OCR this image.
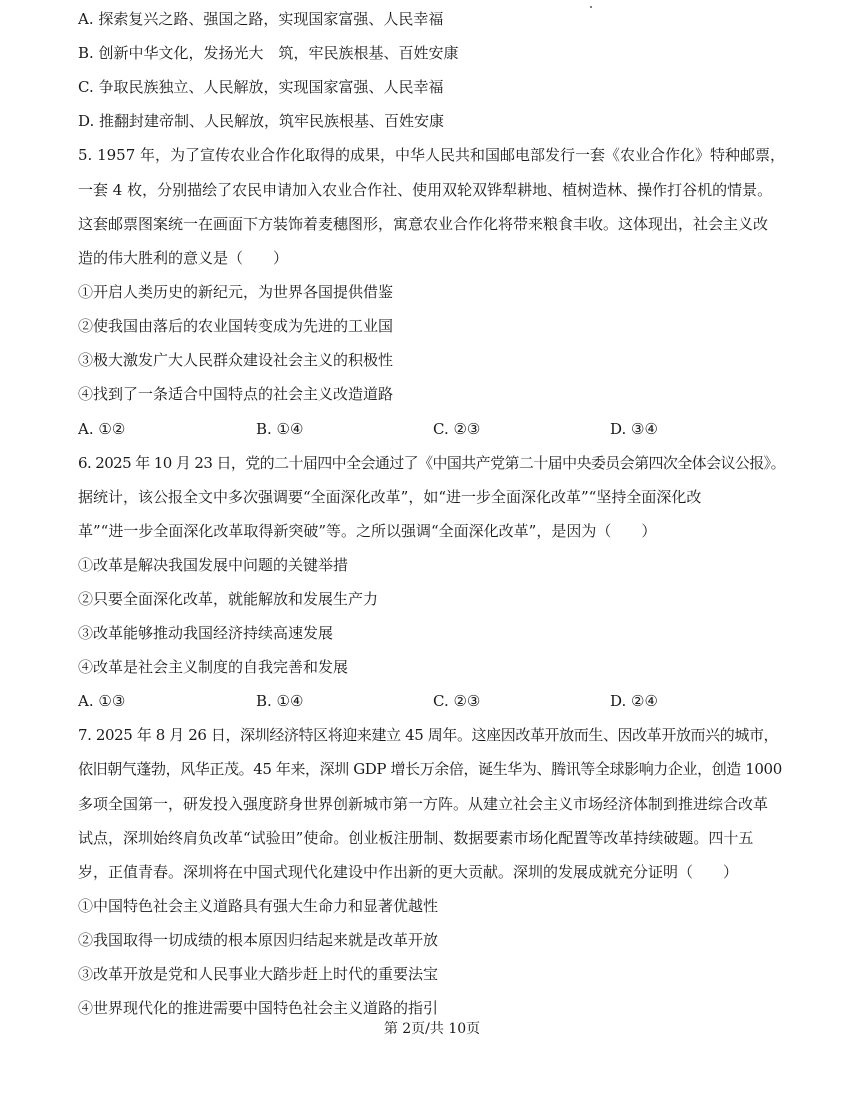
A. 探索复兴之路、强国之路，实现国家富强、人民幸福
B. 创新中华文化，发扬光大　筑，牢民族根基、百姓安康
C. 争取民族独立、人民解放，实现国家富强、人民幸福
D. 推翻封建帝制、人民解放，筑牢民族根基、百姓安康
5. 1957 年，为了宣传农业合作化取得的成果，中华人民共和国邮电部发行一套《农业合作化》特种邮票，
一套 4 枚，分别描绘了农民申请加入农业合作社、使用双轮双铧犁耕地、植树造林、操作打谷机的情景。
这套邮票图案统一在画面下方装饰着麦穗图形，寓意农业合作化将带来粮食丰收。这体现出，社会主义改
造的伟大胜利的意义是（　　）
①开启人类历史的新纪元，为世界各国提供借鉴
②使我国由落后的农业国转变成为先进的工业国
③极大激发广大人民群众建设社会主义的积极性
④找到了一条适合中国特点的社会主义改造道路
A. ①②	B. ①④	C. ②③	D. ③④
6. 2025 年 10 月 23 日，党的二十届四中全会通过了《中国共产党第二十届中央委员会第四次全体会议公报》。
据统计，该公报全文中多次强调要“全面深化改革”，如“进一步全面深化改革”“坚持全面深化改
革”“进一步全面深化改革取得新突破”等。之所以强调“全面深化改革”，是因为（　　）
①改革是解决我国发展中问题的关键举措
②只要全面深化改革，就能解放和发展生产力
③改革能够推动我国经济持续高速发展
④改革是社会主义制度的自我完善和发展
A. ①③	B. ①④	C. ②③	D. ②④
7. 2025 年 8 月 26 日，深圳经济特区将迎来建立 45 周年。这座因改革开放而生、因改革开放而兴的城市，
依旧朝气蓬勃，风华正茂。45 年来，深圳 GDP 增长万余倍，诞生华为、腾讯等全球影响力企业，创造 1000
多项全国第一，研发投入强度跻身世界创新城市第一方阵。从建立社会主义市场经济体制到推进综合改革
试点，深圳始终肩负改革“试验田”使命。创业板注册制、数据要素市场化配置等改革持续破题。四十五
岁，正值青春。深圳将在中国式现代化建设中作出新的更大贡献。深圳的发展成就充分证明（　　）
①中国特色社会主义道路具有强大生命力和显著优越性
②我国取得一切成绩的根本原因归结起来就是改革开放
③改革开放是党和人民事业大踏步赶上时代的重要法宝
④世界现代化的推进需要中国特色社会主义道路的指引
第 2页/共 10页
